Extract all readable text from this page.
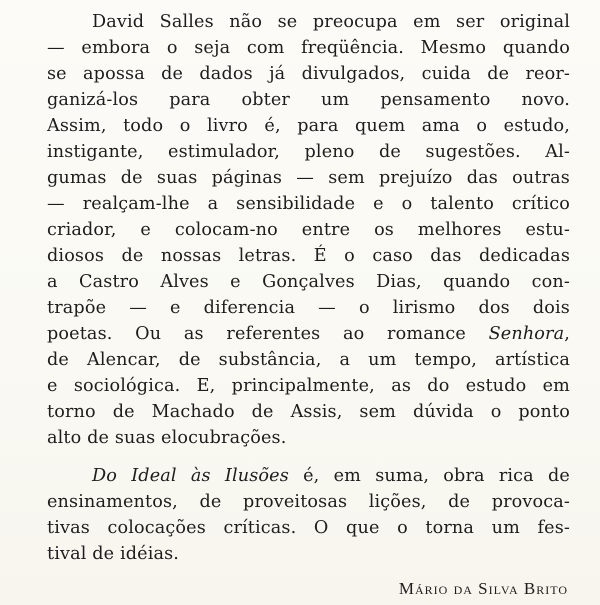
David Salles não se preocupa em ser original
— embora o seja com freqüência. Mesmo quando
se apossa de dados já divulgados, cuida de reor-
ganizá-los para obter um pensamento novo.
Assim, todo o livro é, para quem ama o estudo,
instigante, estimulador, pleno de sugestões. Al-
gumas de suas páginas — sem prejuízo das outras
— realçam-lhe a sensibilidade e o talento crítico
criador, e colocam-no entre os melhores estu-
diosos de nossas letras. É o caso das dedicadas
a Castro Alves e Gonçalves Dias, quando con-
trapõe — e diferencia — o lirismo dos dois
poetas. Ou as referentes ao romance Senhora,
de Alencar, de substância, a um tempo, artística
e sociológica. E, principalmente, as do estudo em
torno de Machado de Assis, sem dúvida o ponto
alto de suas elocubrações.
Do Ideal às Ilusões é, em suma, obra rica de
ensinamentos, de proveitosas lições, de provoca-
tivas colocações críticas. O que o torna um fes-
tival de idéias.
Mário da Silva Brito
